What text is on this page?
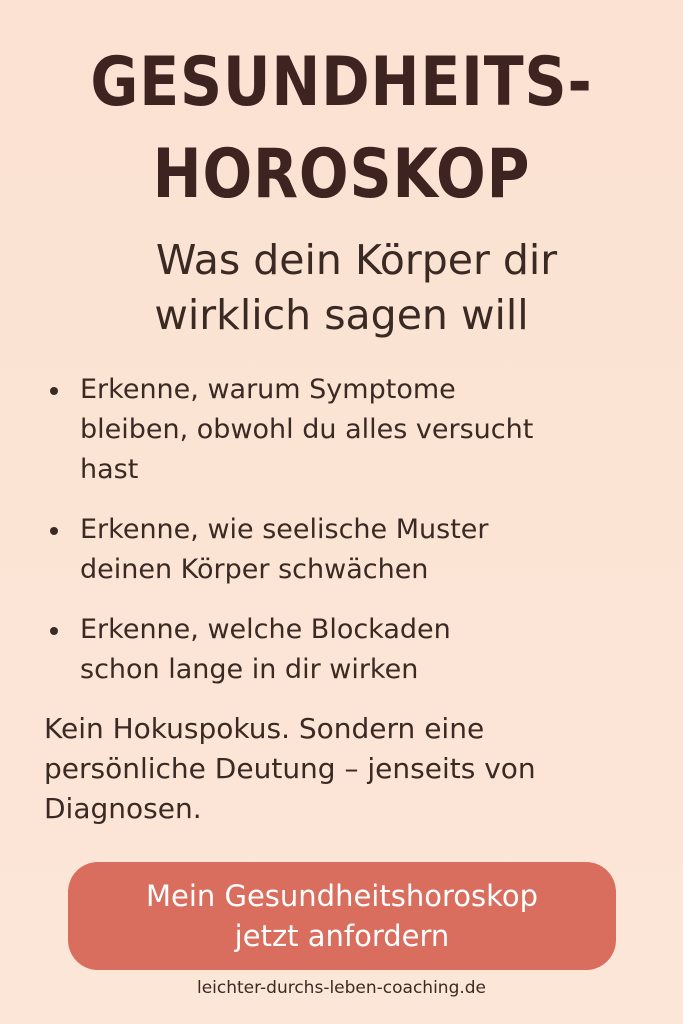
GESUNDHEITS-
HOROSKOP
Was dein Körper dir
wirklich sagen will
Erkenne, warum Symptome
bleiben, obwohl du alles versucht
hast
Erkenne, wie seelische Muster
deinen Körper schwächen
Erkenne, welche Blockaden
schon lange in dir wirken

Kein Hokuspokus. Sondern eine
persönliche Deutung – jenseits von
Diagnosen.

Mein Gesundheitshoroskop
jetzt anfordern
leichter-durchs-leben-coaching.de
